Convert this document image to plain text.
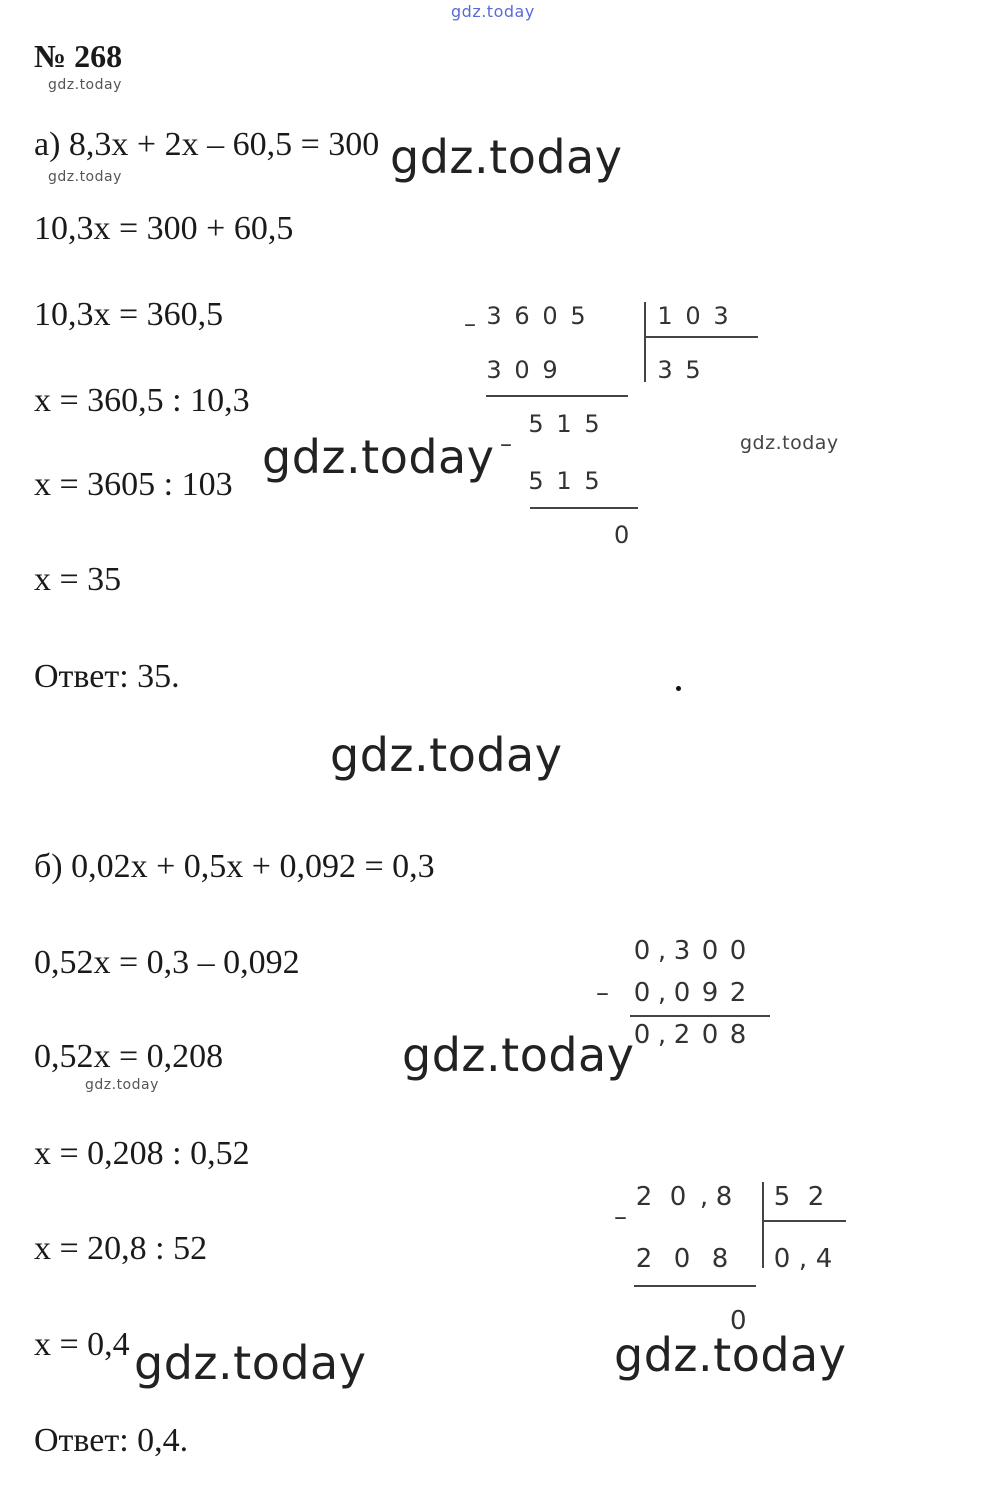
gdz.today
gdz.today
gdz.today	gdz.today
gdz.today	gdz.today
gdz.today
gdz.today
gdz.today
gdz.today	gdz.today
№ 268
а) 8,3x + 2x – 60,5 = 300
10,3x = 300 + 60,5
10,3x = 360,5
x = 360,5 : 10,3
x = 3605 : 103
x = 35
Ответ: 35.
– 3 6 0 5	1 0 3
3 5
3 0 9
–
5 1 5
5 1 5
0
б) 0,02x + 0,5x + 0,092 = 0,3
0,52x = 0,3 – 0,092
0,52x = 0,208
x = 0,208 : 0,52
x = 20,8 : 52
x = 0,4
Ответ: 0,4.
0 , 3 0 0
– 0 , 0 9 2
0 , 2 0 8
–
2 0 , 8 5 2
0 , 4
2 0 8
0
